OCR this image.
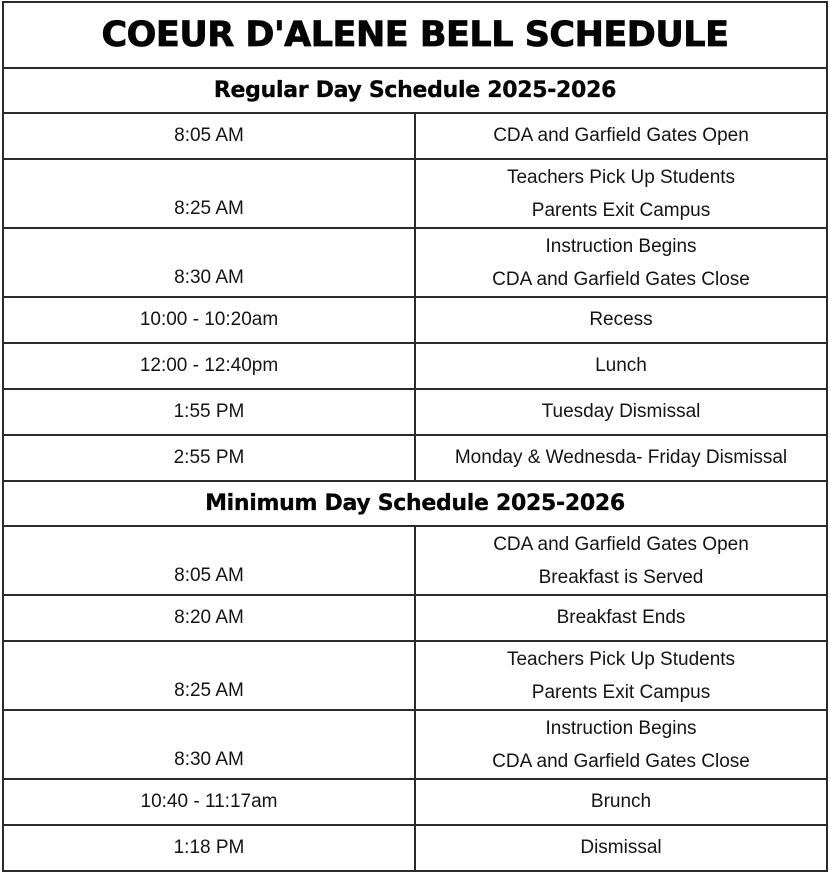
COEUR D'ALENE BELL SCHEDULE	
Regular Day Schedule 2025-2026	
8:05 AM	CDA and Garfield Gates Open
8:25 AM	Teachers Pick Up Students
Parents Exit Campus

8:30 AM	Instruction Begins
CDA and Garfield Gates Close

10:00 - 10:20am	Recess
12:00 - 12:40pm	Lunch
1:55 PM	Tuesday Dismissal
2:55 PM	Monday & Wednesda- Friday Dismissal
Minimum Day Schedule 2025-2026	
8:05 AM	CDA and Garfield Gates Open
Breakfast is Served

8:20 AM	Breakfast Ends
8:25 AM	Teachers Pick Up Students
Parents Exit Campus

8:30 AM	Instruction Begins
CDA and Garfield Gates Close

10:40 - 11:17am	Brunch
1:18 PM	Dismissal
